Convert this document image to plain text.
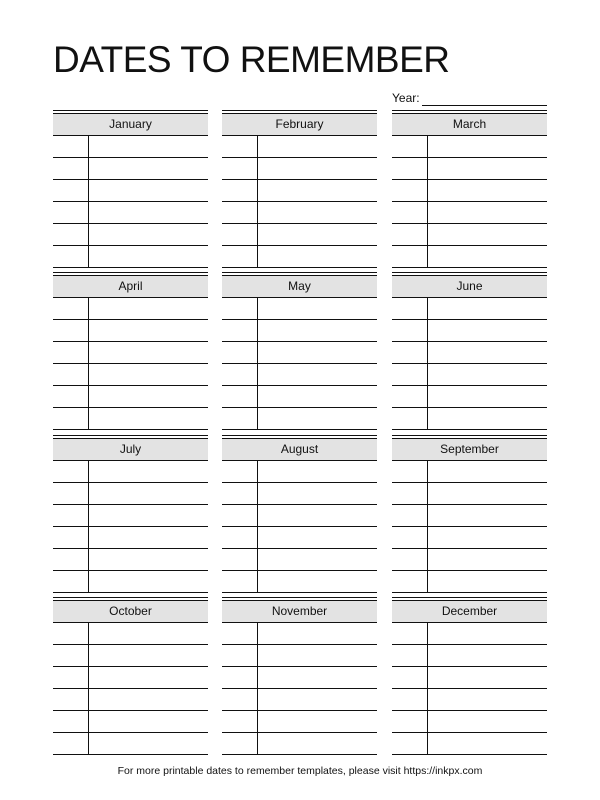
DATES TO REMEMBER
Year:
January	February	March
April	May	June
July	August	September
October	November	December
For more printable dates to remember templates, please visit https://inkpx.com
